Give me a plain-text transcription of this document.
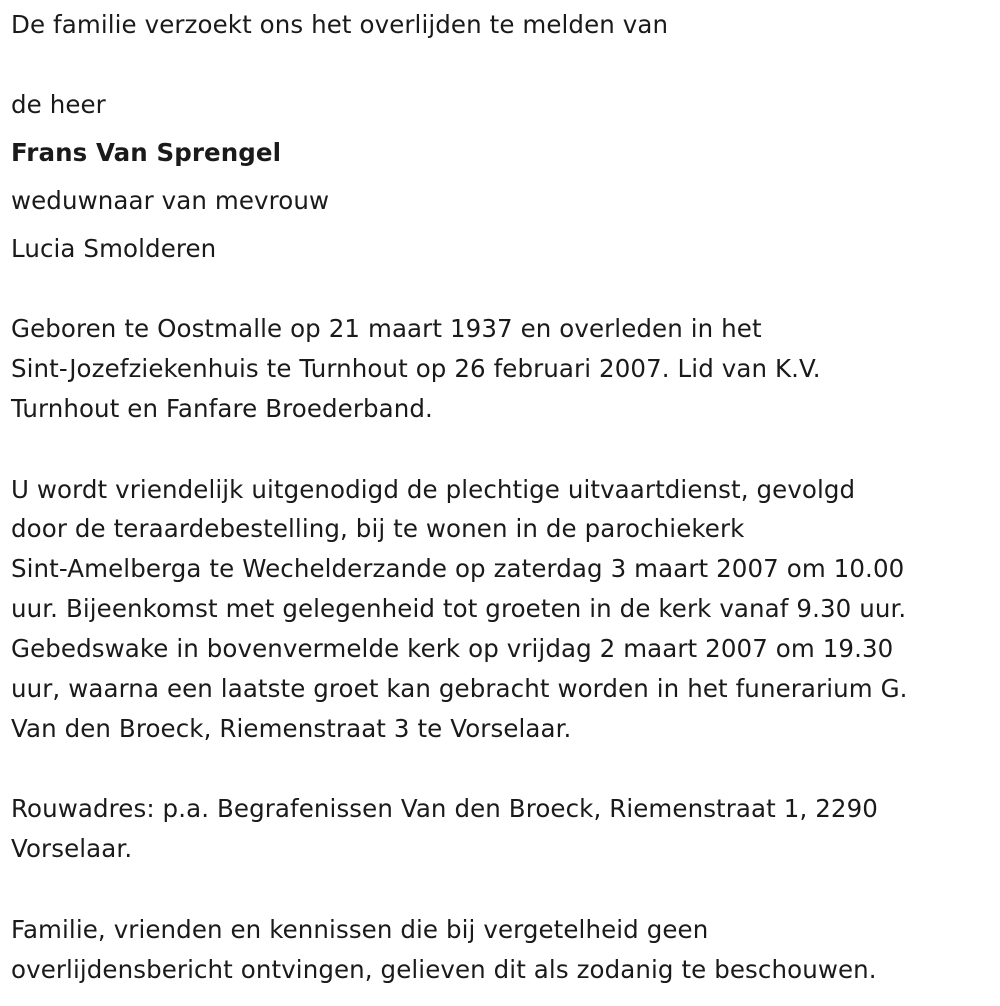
De familie verzoekt ons het overlijden te melden van
de heer
Frans Van Sprengel
weduwnaar van mevrouw
Lucia Smolderen
Geboren te Oostmalle op 21 maart 1937 en overleden in het
Sint-Jozefziekenhuis te Turnhout op 26 februari 2007. Lid van K.V.
Turnhout en Fanfare Broederband.
U wordt vriendelijk uitgenodigd de plechtige uitvaartdienst, gevolgd
door de teraardebestelling, bij te wonen in de parochiekerk
Sint-Amelberga te Wechelderzande op zaterdag 3 maart 2007 om 10.00
uur. Bijeenkomst met gelegenheid tot groeten in de kerk vanaf 9.30 uur.
Gebedswake in bovenvermelde kerk op vrijdag 2 maart 2007 om 19.30
uur, waarna een laatste groet kan gebracht worden in het funerarium G.
Van den Broeck, Riemenstraat 3 te Vorselaar.
Rouwadres: p.a. Begrafenissen Van den Broeck, Riemenstraat 1, 2290
Vorselaar.
Familie, vrienden en kennissen die bij vergetelheid geen
overlijdensbericht ontvingen, gelieven dit als zodanig te beschouwen.
